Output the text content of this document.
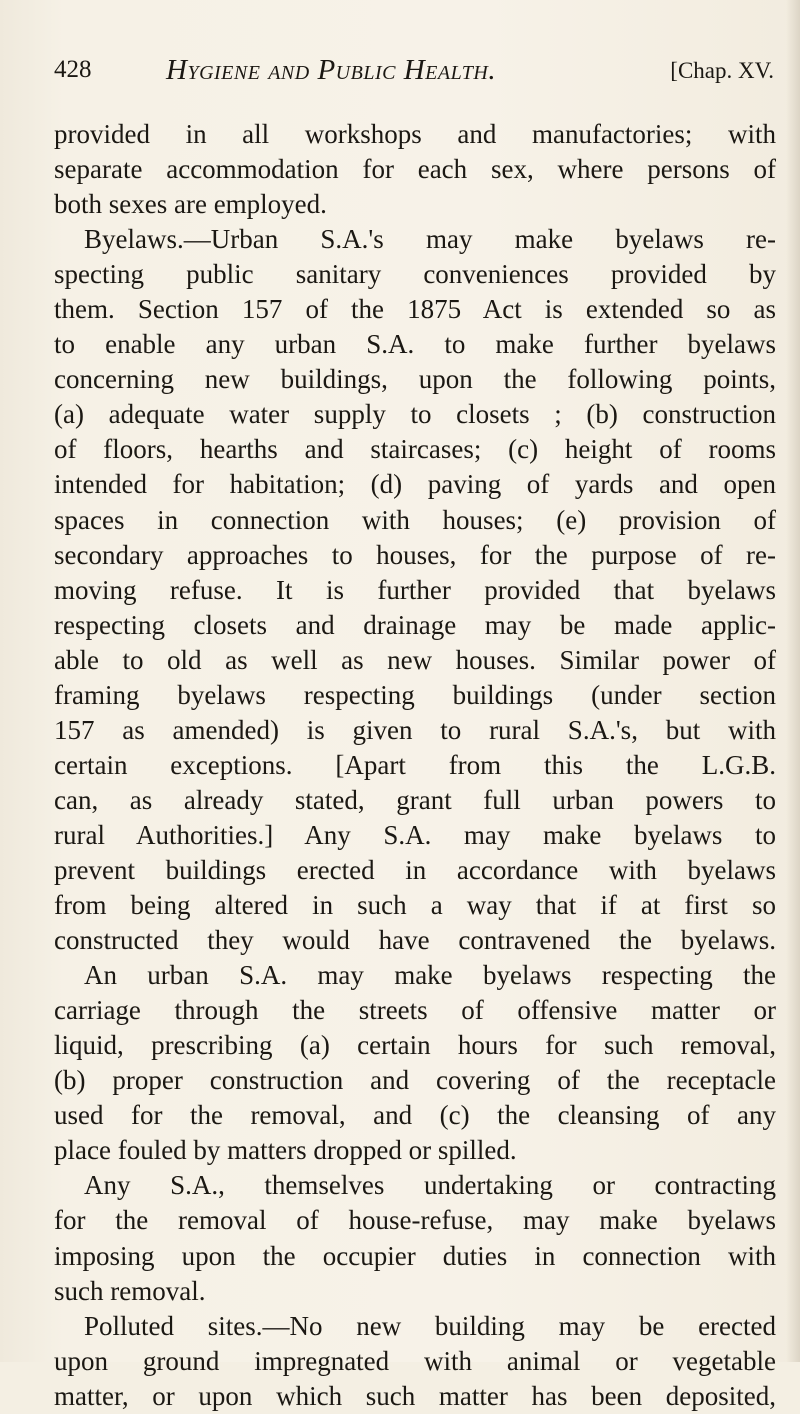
428	Hygiene and Public Health.	[Chap. XV.
provided in all workshops and manufactories; with
separate accommodation for each sex, where persons of
both sexes are employed.
Byelaws.—Urban S.A.'s may make byelaws re-
specting public sanitary conveniences provided by
them. Section 157 of the 1875 Act is extended so as
to enable any urban S.A. to make further byelaws
concerning new buildings, upon the following points,
(a) adequate water supply to closets ; (b) construction
of floors, hearths and staircases; (c) height of rooms
intended for habitation; (d) paving of yards and open
spaces in connection with houses; (e) provision of
secondary approaches to houses, for the purpose of re-
moving refuse. It is further provided that byelaws
respecting closets and drainage may be made applic-
able to old as well as new houses. Similar power of
framing byelaws respecting buildings (under section
157 as amended) is given to rural S.A.'s, but with
certain exceptions. [Apart from this the L.G.B.
can, as already stated, grant full urban powers to
rural Authorities.] Any S.A. may make byelaws to
prevent buildings erected in accordance with byelaws
from being altered in such a way that if at first so
constructed they would have contravened the byelaws.
An urban S.A. may make byelaws respecting the
carriage through the streets of offensive matter or
liquid, prescribing (a) certain hours for such removal,
(b) proper construction and covering of the receptacle
used for the removal, and (c) the cleansing of any
place fouled by matters dropped or spilled.
Any S.A., themselves undertaking or contracting
for the removal of house-refuse, may make byelaws
imposing upon the occupier duties in connection with
such removal.
Polluted sites.—No new building may be erected
upon ground impregnated with animal or vegetable
matter, or upon which such matter has been deposited,
